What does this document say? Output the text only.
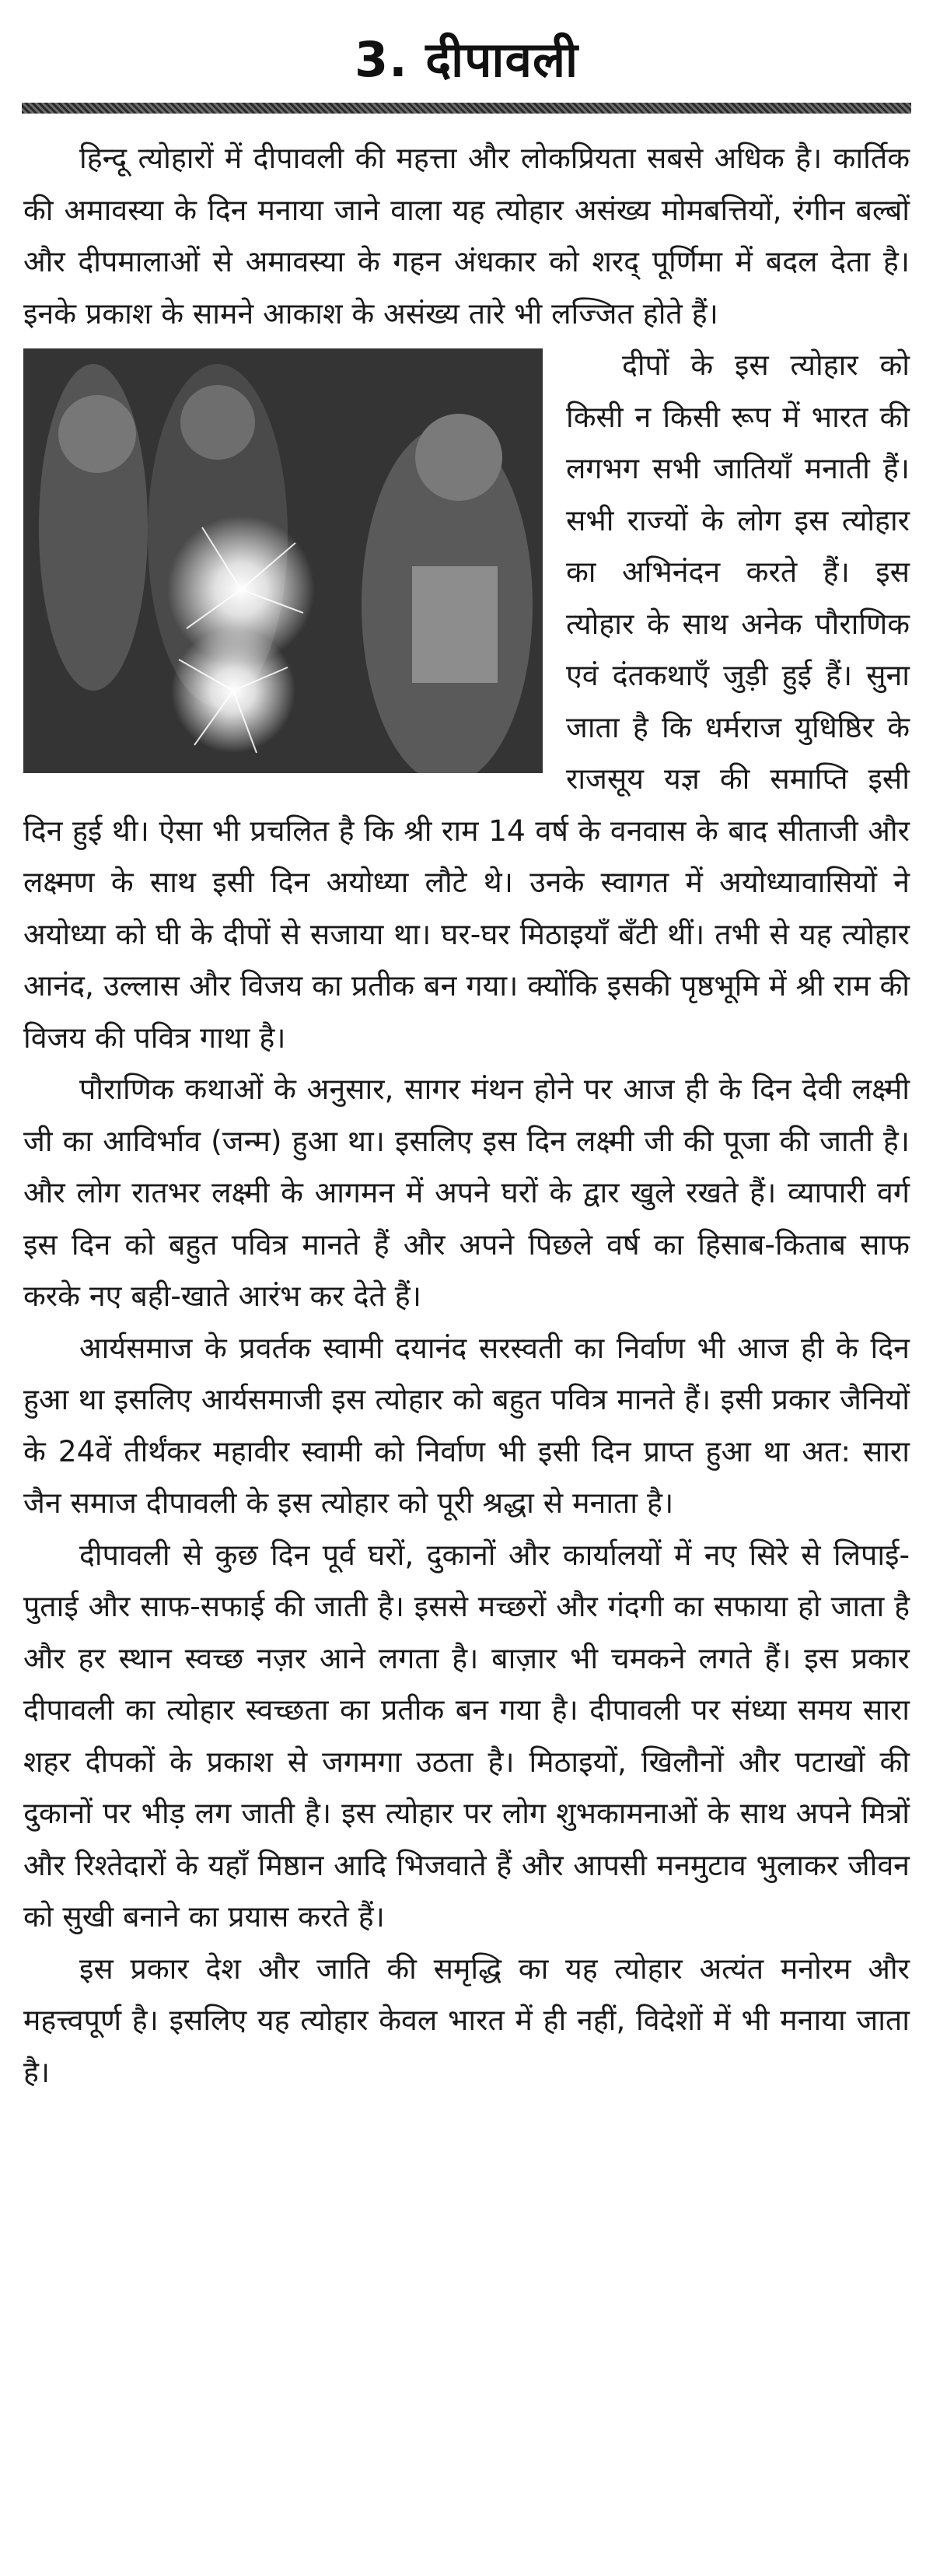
3. दीपावली

हिन्दू त्योहारों में दीपावली की महत्ता और लोकप्रियता सबसे अधिक है। कार्तिक की अमावस्या के दिन मनाया जाने वाला यह त्योहार असंख्य मोमबत्तियों, रंगीन बल्बों और दीपमालाओं से अमावस्या के गहन अंधकार को शरद् पूर्णिमा में बदल देता है। इनके प्रकाश के सामने आकाश के असंख्य तारे भी लज्जित होते हैं।

दीपों के इस त्योहार को किसी न किसी रूप में भारत की लगभग सभी जातियाँ मनाती हैं। सभी राज्यों के लोग इस त्योहार का अभिनंदन करते हैं। इस त्योहार के साथ अनेक पौराणिक एवं दंतकथाएँ जुड़ी हुई हैं। सुना जाता है कि धर्मराज युधिष्ठिर के राजसूय यज्ञ की समाप्ति इसी दिन हुई थी। ऐसा भी प्रचलित है कि श्री राम 14 वर्ष के वनवास के बाद सीताजी और लक्ष्मण के साथ इसी दिन अयोध्या लौटे थे। उनके स्वागत में अयोध्यावासियों ने अयोध्या को घी के दीपों से सजाया था। घर-घर मिठाइयाँ बँटी थीं। तभी से यह त्योहार आनंद, उल्लास और विजय का प्रतीक बन गया। क्योंकि इसकी पृष्ठभूमि में श्री राम की विजय की पवित्र गाथा है।

पौराणिक कथाओं के अनुसार, सागर मंथन होने पर आज ही के दिन देवी लक्ष्मी जी का आविर्भाव (जन्म) हुआ था। इसलिए इस दिन लक्ष्मी जी की पूजा की जाती है। और लोग रातभर लक्ष्मी के आगमन में अपने घरों के द्वार खुले रखते हैं। व्यापारी वर्ग इस दिन को बहुत पवित्र मानते हैं और अपने पिछले वर्ष का हिसाब-किताब साफ करके नए बही-खाते आरंभ कर देते हैं।

आर्यसमाज के प्रवर्तक स्वामी दयानंद सरस्वती का निर्वाण भी आज ही के दिन हुआ था इसलिए आर्यसमाजी इस त्योहार को बहुत पवित्र मानते हैं। इसी प्रकार जैनियों के 24वें तीर्थंकर महावीर स्वामी को निर्वाण भी इसी दिन प्राप्त हुआ था अत: सारा जैन समाज दीपावली के इस त्योहार को पूरी श्रद्धा से मनाता है।

दीपावली से कुछ दिन पूर्व घरों, दुकानों और कार्यालयों में नए सिरे से लिपाई-पुताई और साफ-सफाई की जाती है। इससे मच्छरों और गंदगी का सफाया हो जाता है और हर स्थान स्वच्छ नज़र आने लगता है। बाज़ार भी चमकने लगते हैं। इस प्रकार दीपावली का त्योहार स्वच्छता का प्रतीक बन गया है। दीपावली पर संध्या समय सारा शहर दीपकों के प्रकाश से जगमगा उठता है। मिठाइयों, खिलौनों और पटाखों की दुकानों पर भीड़ लग जाती है। इस त्योहार पर लोग शुभकामनाओं के साथ अपने मित्रों और रिश्तेदारों के यहाँ मिष्ठान आदि भिजवाते हैं और आपसी मनमुटाव भुलाकर जीवन को सुखी बनाने का प्रयास करते हैं।

इस प्रकार देश और जाति की समृद्धि का यह त्योहार अत्यंत मनोरम और महत्त्वपूर्ण है। इसलिए यह त्योहार केवल भारत में ही नहीं, विदेशों में भी मनाया जाता है।
